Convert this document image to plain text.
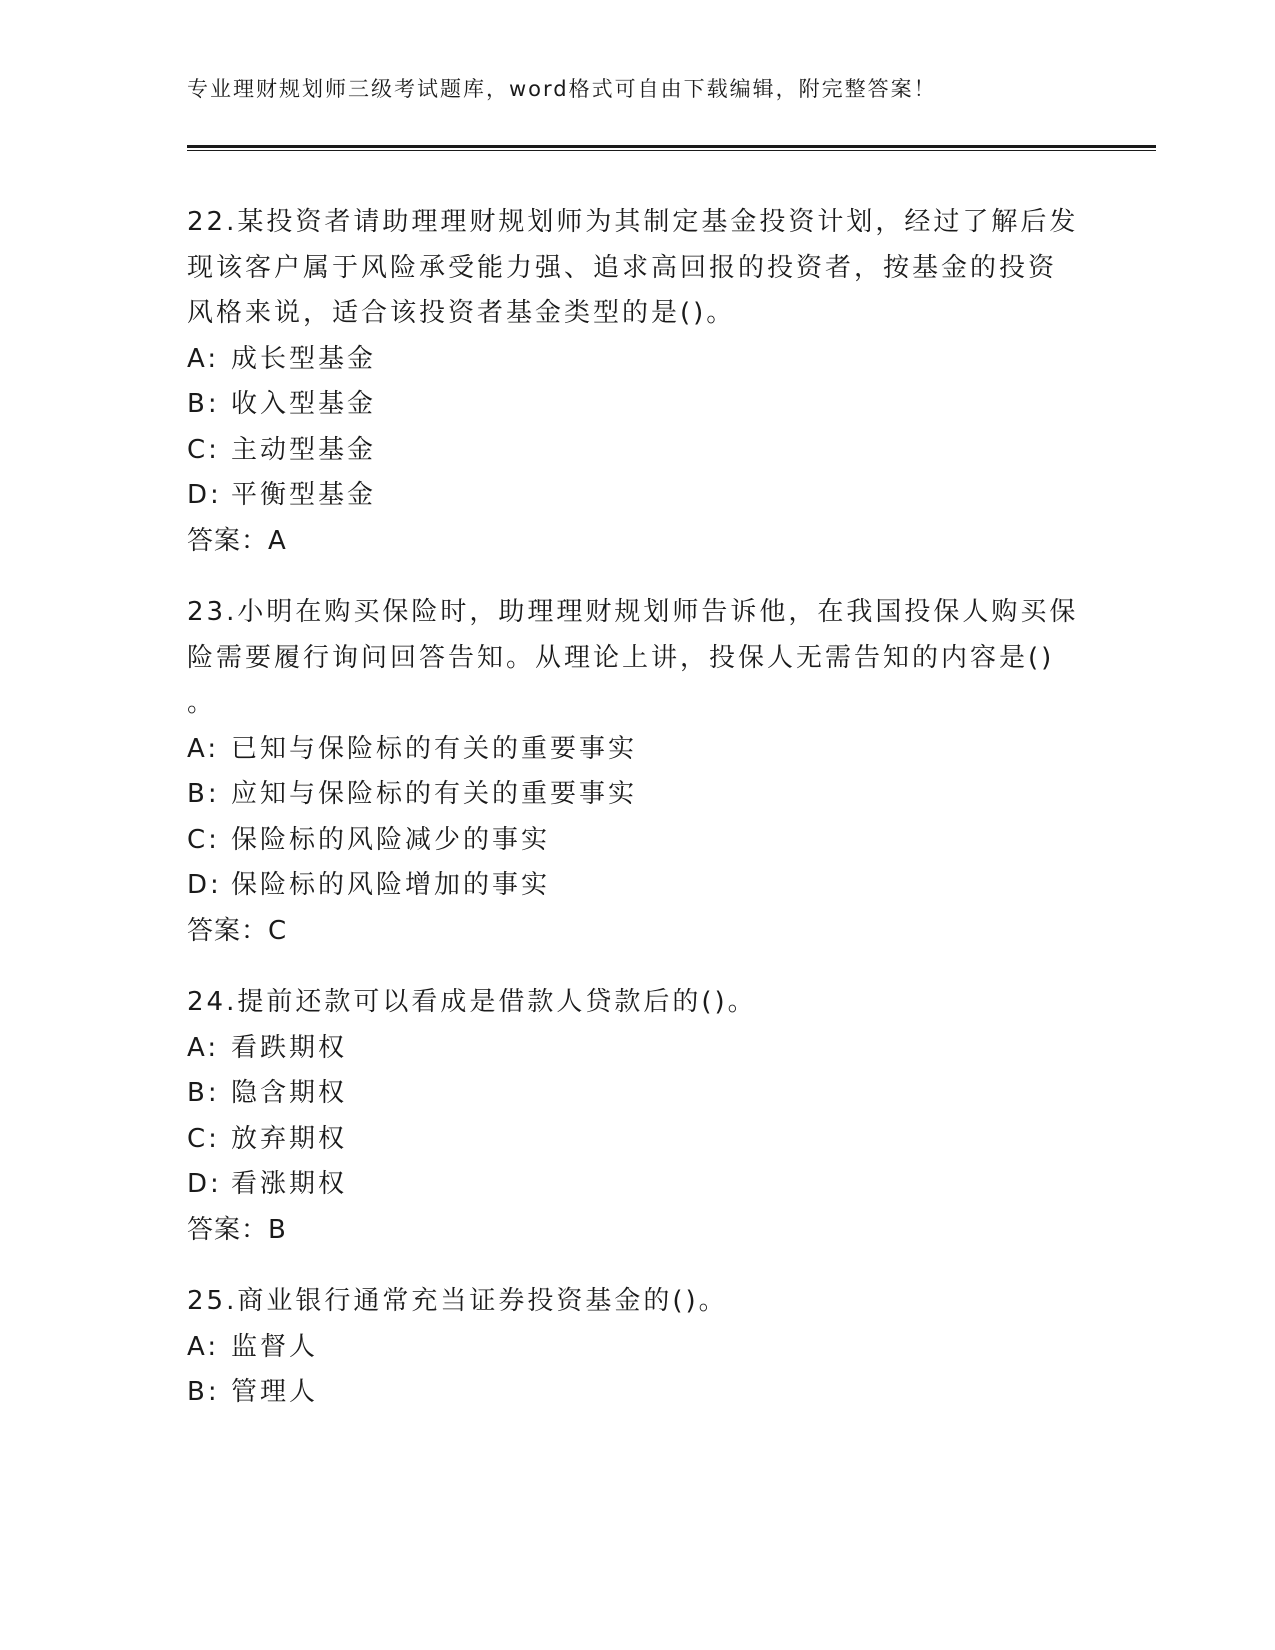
专业理财规划师三级考试题库，word格式可自由下载编辑，附完整答案！

22.某投资者请助理理财规划师为其制定基金投资计划，经过了解后发

现该客户属于风险承受能力强、追求高回报的投资者，按基金的投资

风格来说，适合该投资者基金类型的是()。

A: 成长型基金

B: 收入型基金

C: 主动型基金

D: 平衡型基金

答案：A

23.小明在购买保险时，助理理财规划师告诉他，在我国投保人购买保

险需要履行询问回答告知。从理论上讲，投保人无需告知的内容是()

。

A: 已知与保险标的有关的重要事实

B: 应知与保险标的有关的重要事实

C: 保险标的风险减少的事实

D: 保险标的风险增加的事实

答案：C

24.提前还款可以看成是借款人贷款后的()。

A: 看跌期权

B: 隐含期权

C: 放弃期权

D: 看涨期权

答案：B

25.商业银行通常充当证券投资基金的()。

A: 监督人

B: 管理人
